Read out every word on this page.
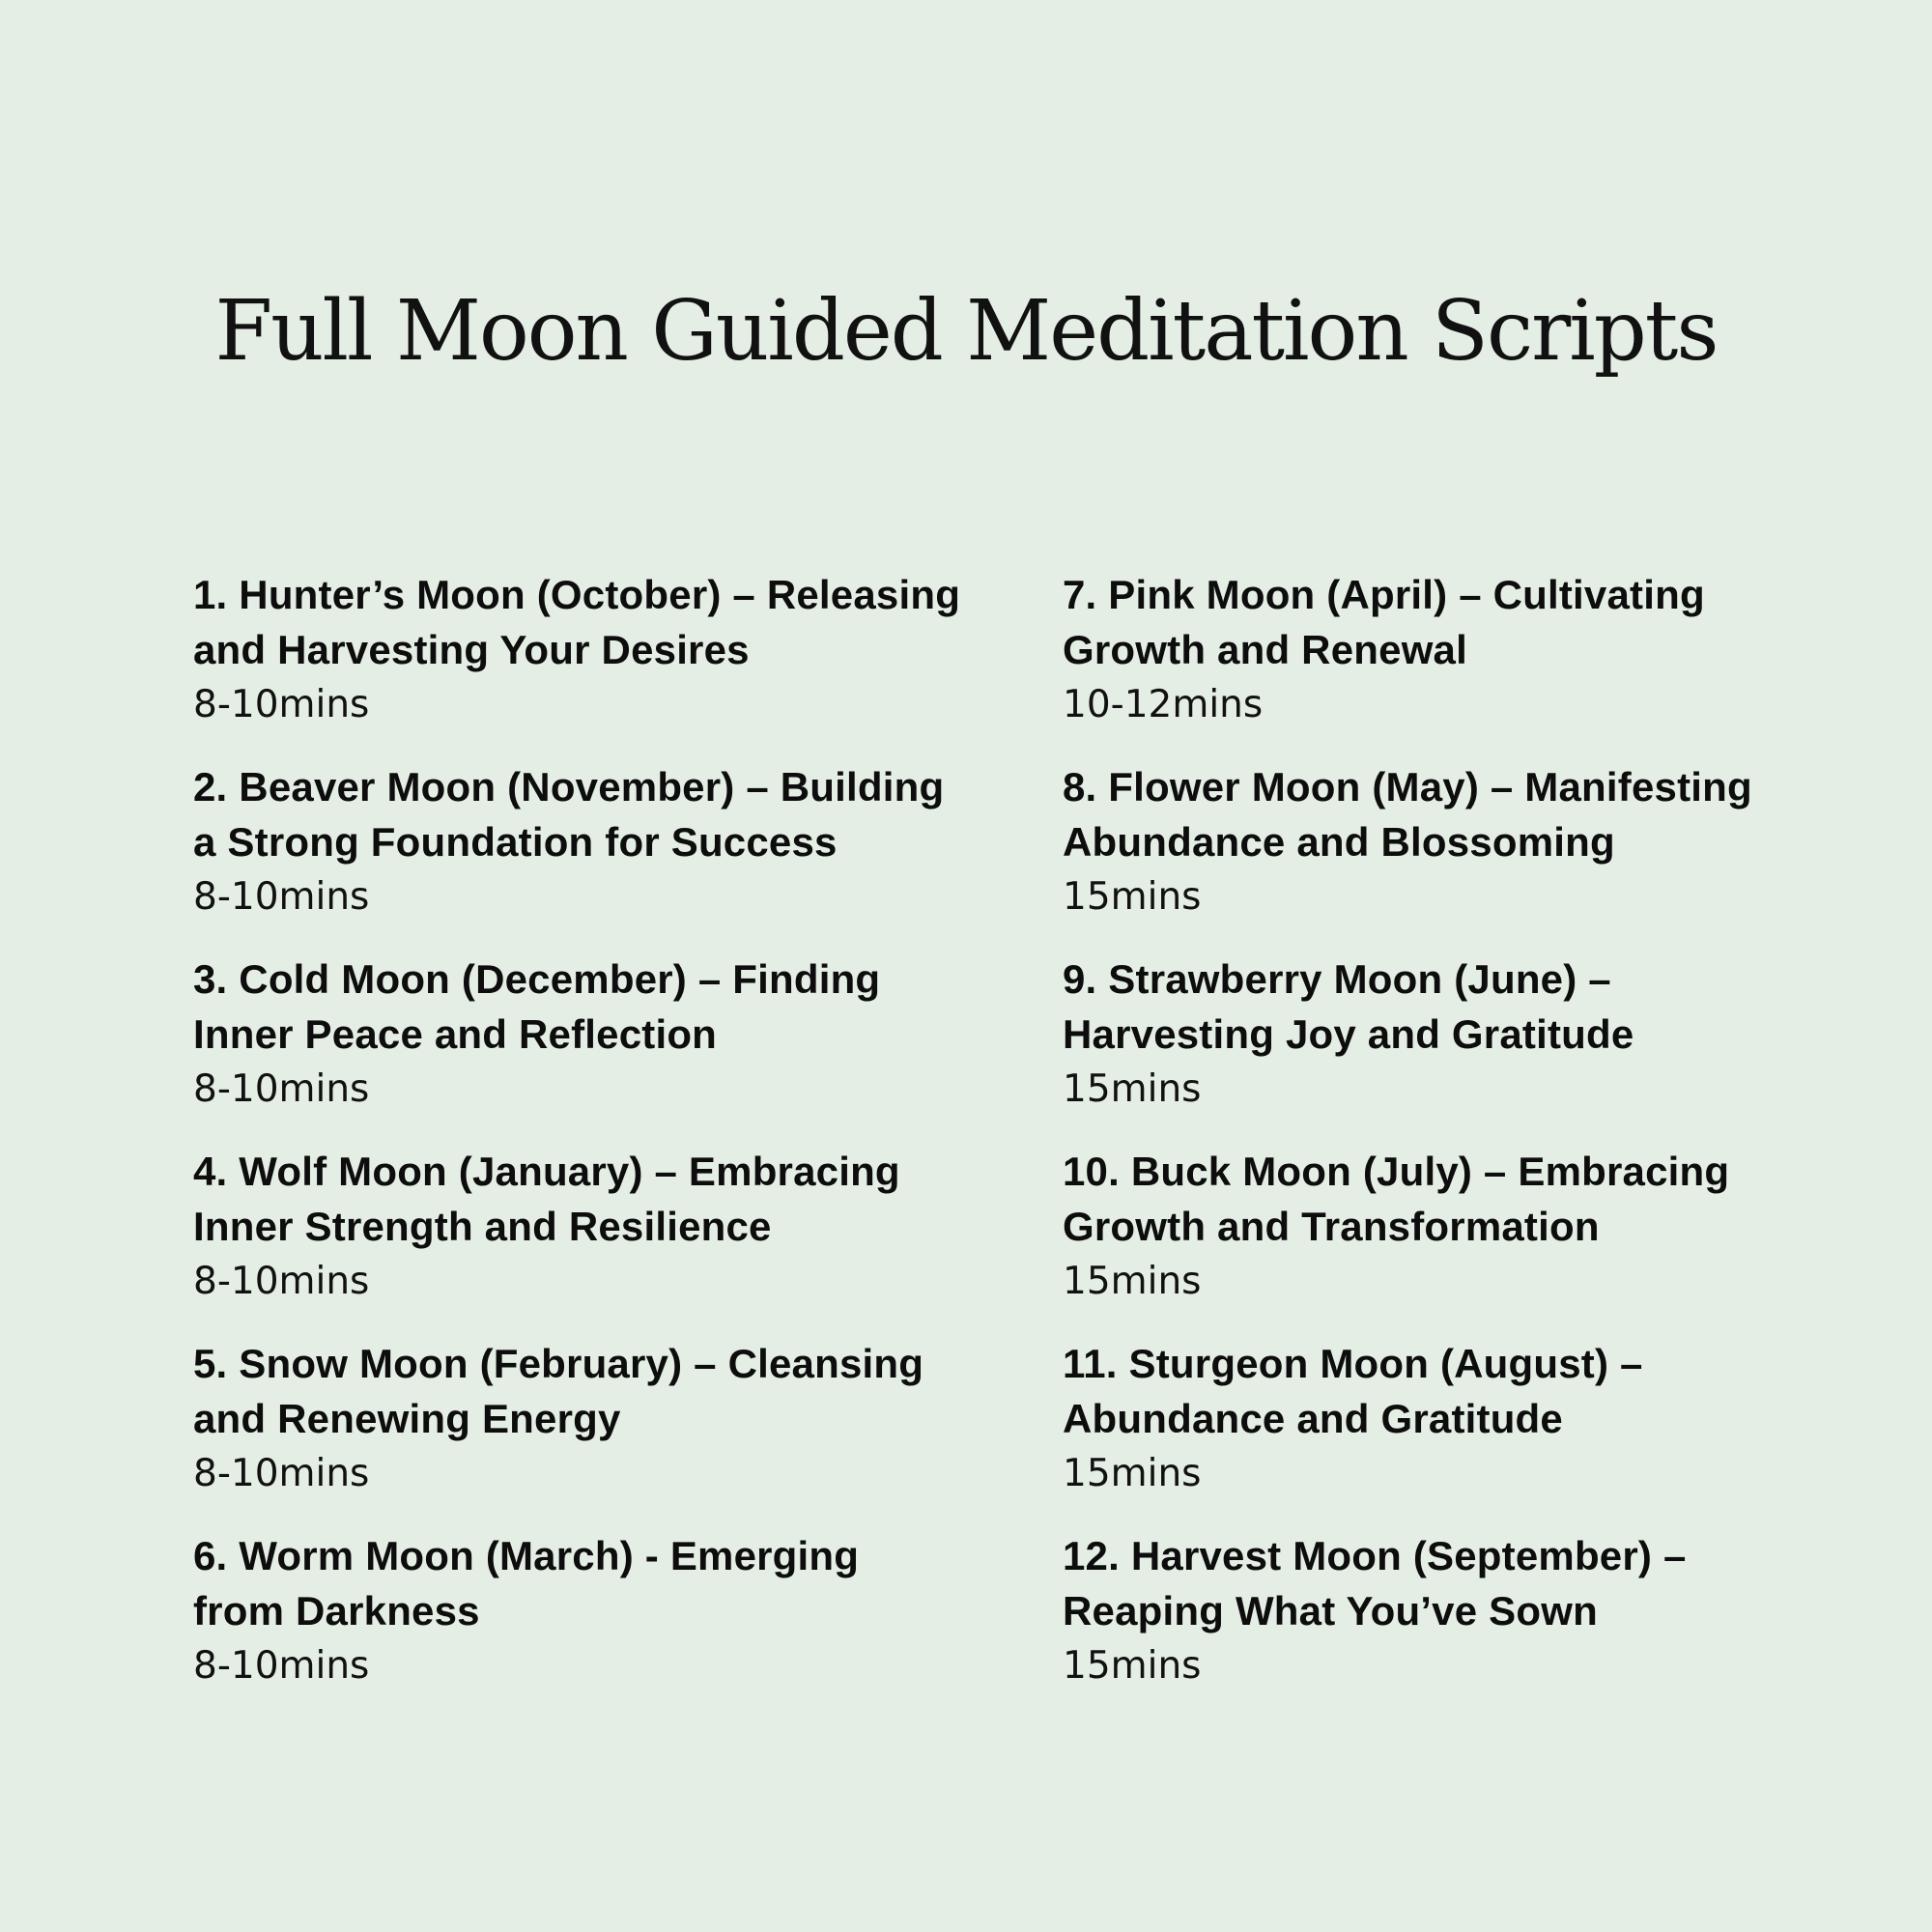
Full Moon Guided Meditation Scripts
1. Hunter’s Moon (October) – Releasing
and Harvesting Your Desires
8-10mins
2. Beaver Moon (November) – Building
a Strong Foundation for Success
8-10mins
3. Cold Moon (December) – Finding
Inner Peace and Reflection
8-10mins
4. Wolf Moon (January) – Embracing
Inner Strength and Resilience
8-10mins
5. Snow Moon (February) – Cleansing
and Renewing Energy
8-10mins
6. Worm Moon (March) - Emerging
from Darkness
8-10mins
7. Pink Moon (April) – Cultivating
Growth and Renewal
10-12mins
8. Flower Moon (May) – Manifesting
Abundance and Blossoming
15mins
9. Strawberry Moon (June) –
Harvesting Joy and Gratitude
15mins
10. Buck Moon (July) – Embracing
Growth and Transformation
15mins
11. Sturgeon Moon (August) –
Abundance and Gratitude
15mins
12. Harvest Moon (September) –
Reaping What You’ve Sown
15mins
